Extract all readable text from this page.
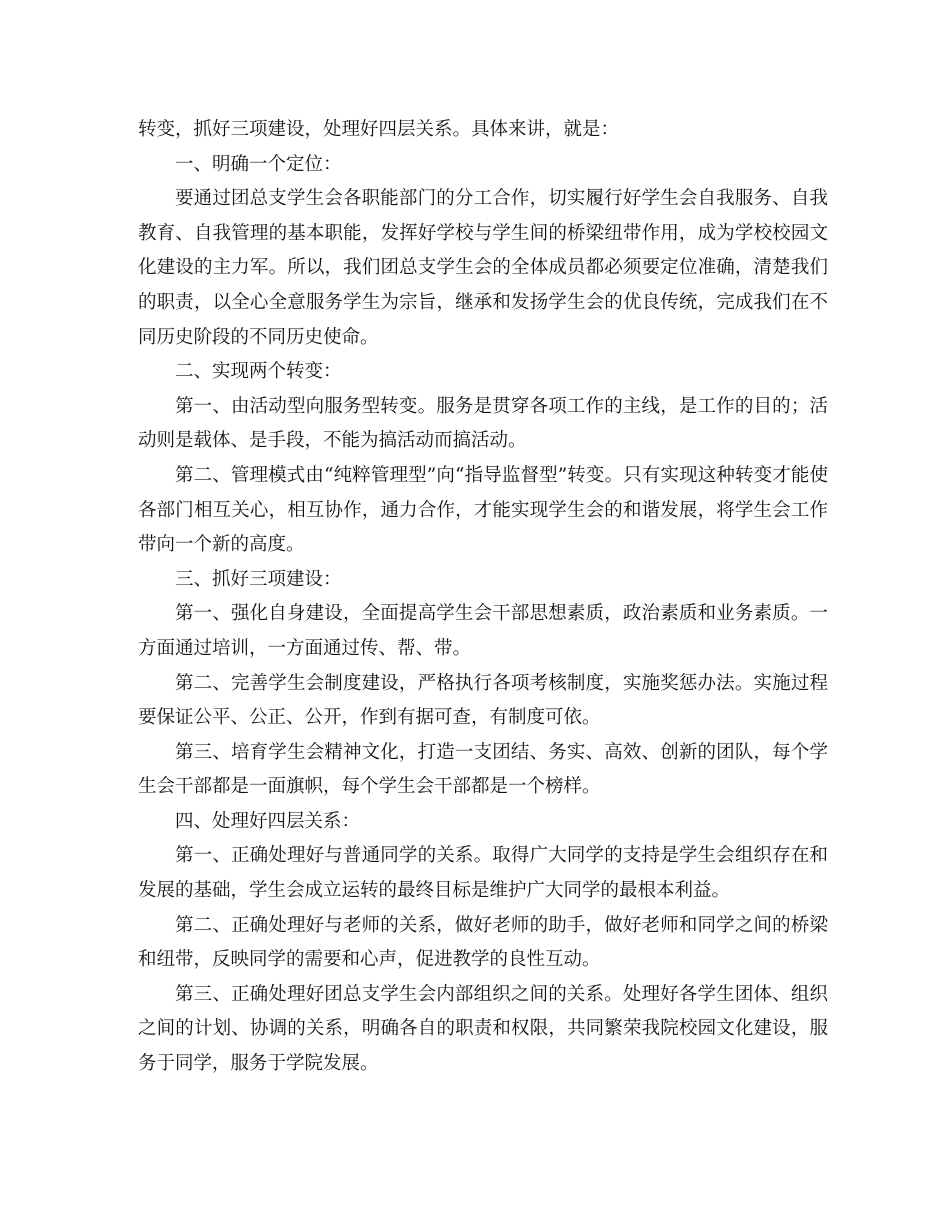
转变，抓好三项建设，处理好四层关系。具体来讲，就是：

一、明确一个定位：

要通过团总支学生会各职能部门的分工合作，切实履行好学生会自我服务、自我教育、自我管理的基本职能，发挥好学校与学生间的桥梁纽带作用，成为学校校园文化建设的主力军。所以，我们团总支学生会的全体成员都必须要定位准确，清楚我们的职责，以全心全意服务学生为宗旨，继承和发扬学生会的优良传统，完成我们在不同历史阶段的不同历史使命。

二、实现两个转变：

第一、由活动型向服务型转变。服务是贯穿各项工作的主线，是工作的目的；活动则是载体、是手段，不能为搞活动而搞活动。

第二、管理模式由“纯粹管理型”向“指导监督型”转变。只有实现这种转变才能使各部门相互关心，相互协作，通力合作，才能实现学生会的和谐发展，将学生会工作带向一个新的高度。

三、抓好三项建设：

第一、强化自身建设，全面提高学生会干部思想素质，政治素质和业务素质。一方面通过培训，一方面通过传、帮、带。

第二、完善学生会制度建设，严格执行各项考核制度，实施奖惩办法。实施过程要保证公平、公正、公开，作到有据可查，有制度可依。

第三、培育学生会精神文化，打造一支团结、务实、高效、创新的团队，每个学生会干部都是一面旗帜，每个学生会干部都是一个榜样。

四、处理好四层关系：

第一、正确处理好与普通同学的关系。取得广大同学的支持是学生会组织存在和发展的基础，学生会成立运转的最终目标是维护广大同学的最根本利益。

第二、正确处理好与老师的关系，做好老师的助手，做好老师和同学之间的桥梁和纽带，反映同学的需要和心声，促进教学的良性互动。

第三、正确处理好团总支学生会内部组织之间的关系。处理好各学生团体、组织之间的计划、协调的关系，明确各自的职责和权限，共同繁荣我院校园文化建设，服务于同学，服务于学院发展。
